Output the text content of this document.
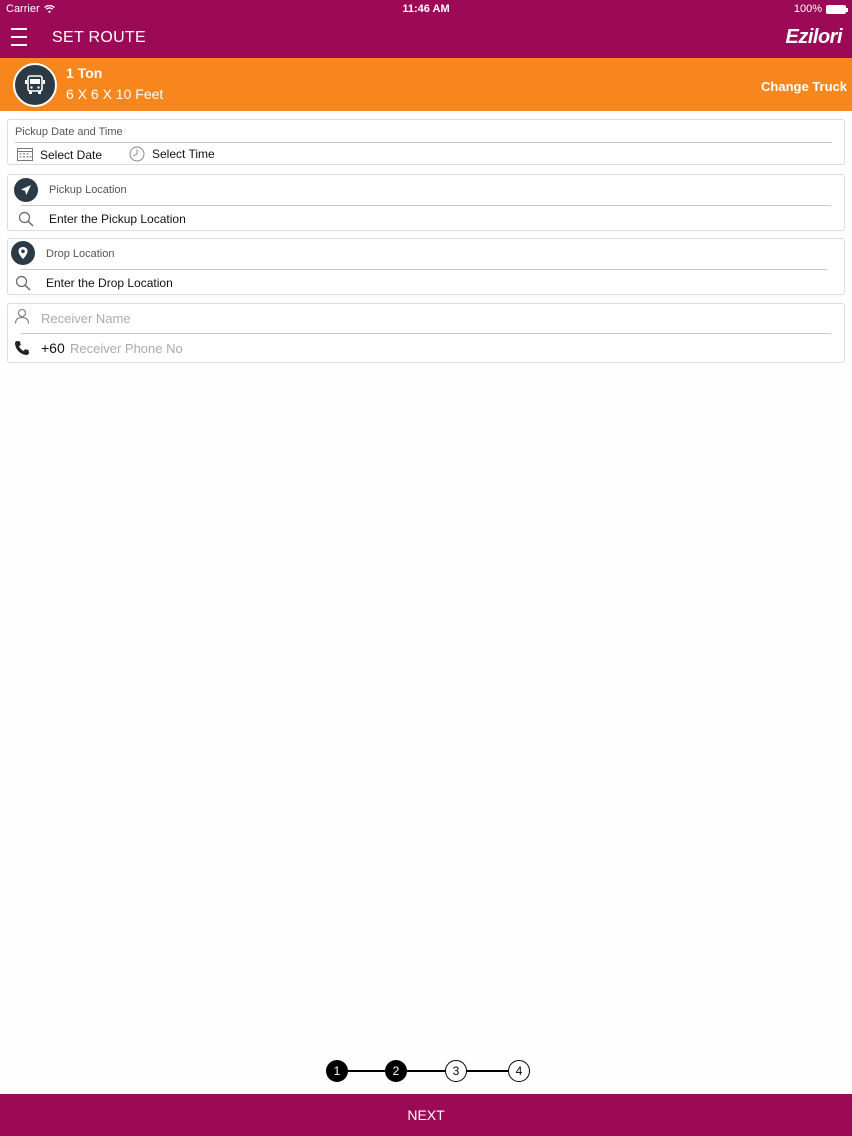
Carrier	11:46 AM	100%
SET ROUTE	Ezilori
1 Ton
6 X 6 X 10 Feet	Change Truck
Pickup Date and Time
Select Date	Select Time
Pickup Location
Enter the Pickup Location
Drop Location
Enter the Drop Location
Receiver Name
+60 Receiver Phone No
1	2	3	4
NEXT
